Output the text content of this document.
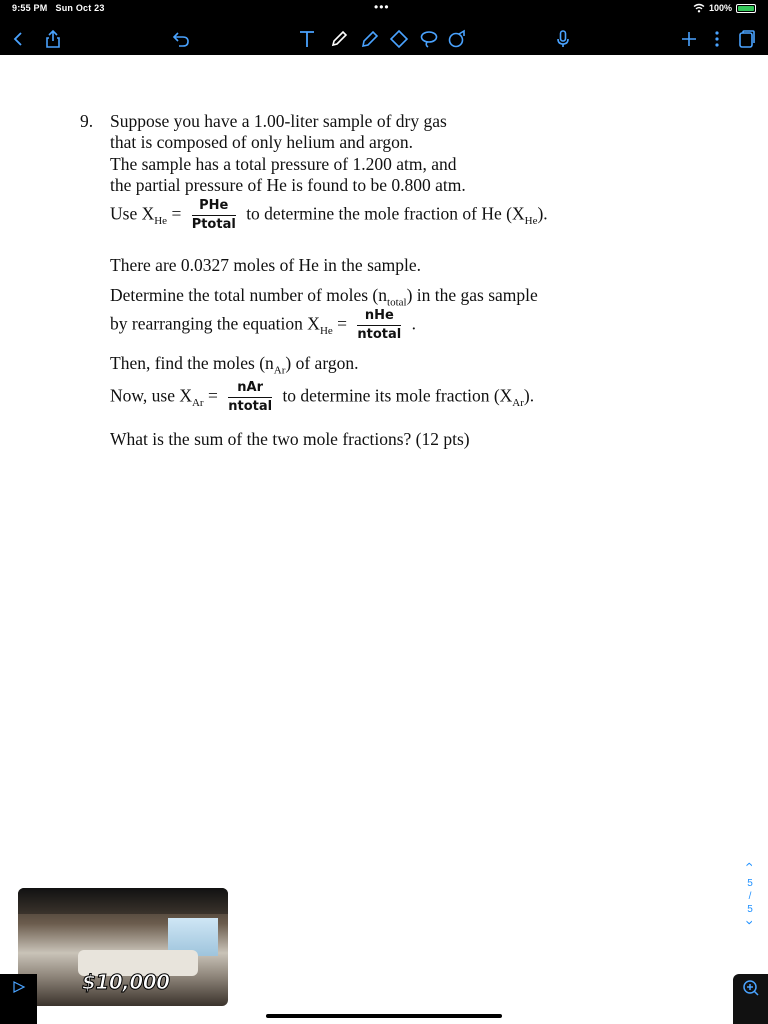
9:55 PM Sun Oct 23	•••	100%
9. Suppose you have a 1.00-liter sample of dry gas
that is composed of only helium and argon.
The sample has a total pressure of 1.200 atm, and
the partial pressure of He is found to be 0.800 atm.
Use $X_{He} = \frac{\text{PHe}}{\text{Ptotal}}$ to determine the mole fraction of He $(X_{He})$.
There are 0.0327 moles of He in the sample.
Determine the total number of moles $(n_{total})$ in the gas sample
by rearranging the equation $X_{He} = \frac{\text{nHe}}{\text{ntotal}}$ .
Then, find the moles $(n_{Ar})$ of argon.
Now, use $X_{Ar} = \frac{\text{nAr}}{\text{ntotal}}$ to determine its mole fraction $(X_{Ar})$.
What is the sum of the two mole fractions? (12 pts)
$10,000
‹
5
/
5
›
